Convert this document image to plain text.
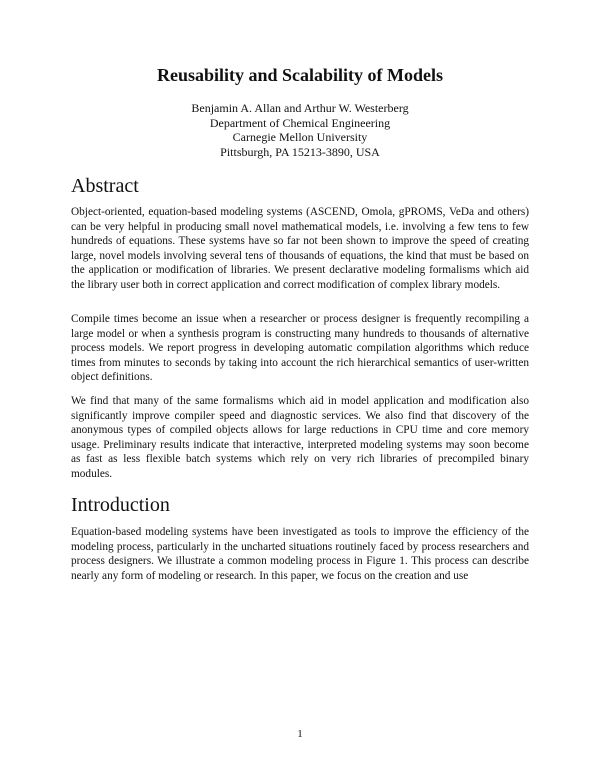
Reusability and Scalability of Models
Benjamin A. Allan and Arthur W. Westerberg
Department of Chemical Engineering
Carnegie Mellon University
Pittsburgh, PA 15213-3890, USA
Abstract

Object-oriented, equation-based modeling systems (ASCEND, Omola, gPROMS, VeDa and others) can be very helpful in producing small novel mathematical models, i.e. involving a few tens to few hundreds of equations. These systems have so far not been shown to improve the speed of creating large, novel models involving several tens of thousands of equations, the kind that must be based on the application or modification of libraries. We present declarative modeling formalisms which aid the library user both in correct application and correct modification of complex library models.

Compile times become an issue when a researcher or process designer is frequently recompiling a large model or when a synthesis program is constructing many hundreds to thousands of alternative process models. We report progress in developing automatic compilation algorithms which reduce times from minutes to seconds by taking into account the rich hierarchical semantics of user-written object definitions.

We find that many of the same formalisms which aid in model application and modification also significantly improve compiler speed and diagnostic services. We also find that discovery of the anonymous types of compiled objects allows for large reductions in CPU time and core memory usage. Preliminary results indicate that interactive, interpreted modeling systems may soon become as fast as less flexible batch systems which rely on very rich libraries of precompiled binary modules.

Introduction

Equation-based modeling systems have been investigated as tools to improve the efficiency of the modeling process, particularly in the uncharted situations routinely faced by process researchers and process designers. We illustrate a common modeling process in Figure 1. This process can describe nearly any form of modeling or research. In this paper, we focus on the creation and use

1
